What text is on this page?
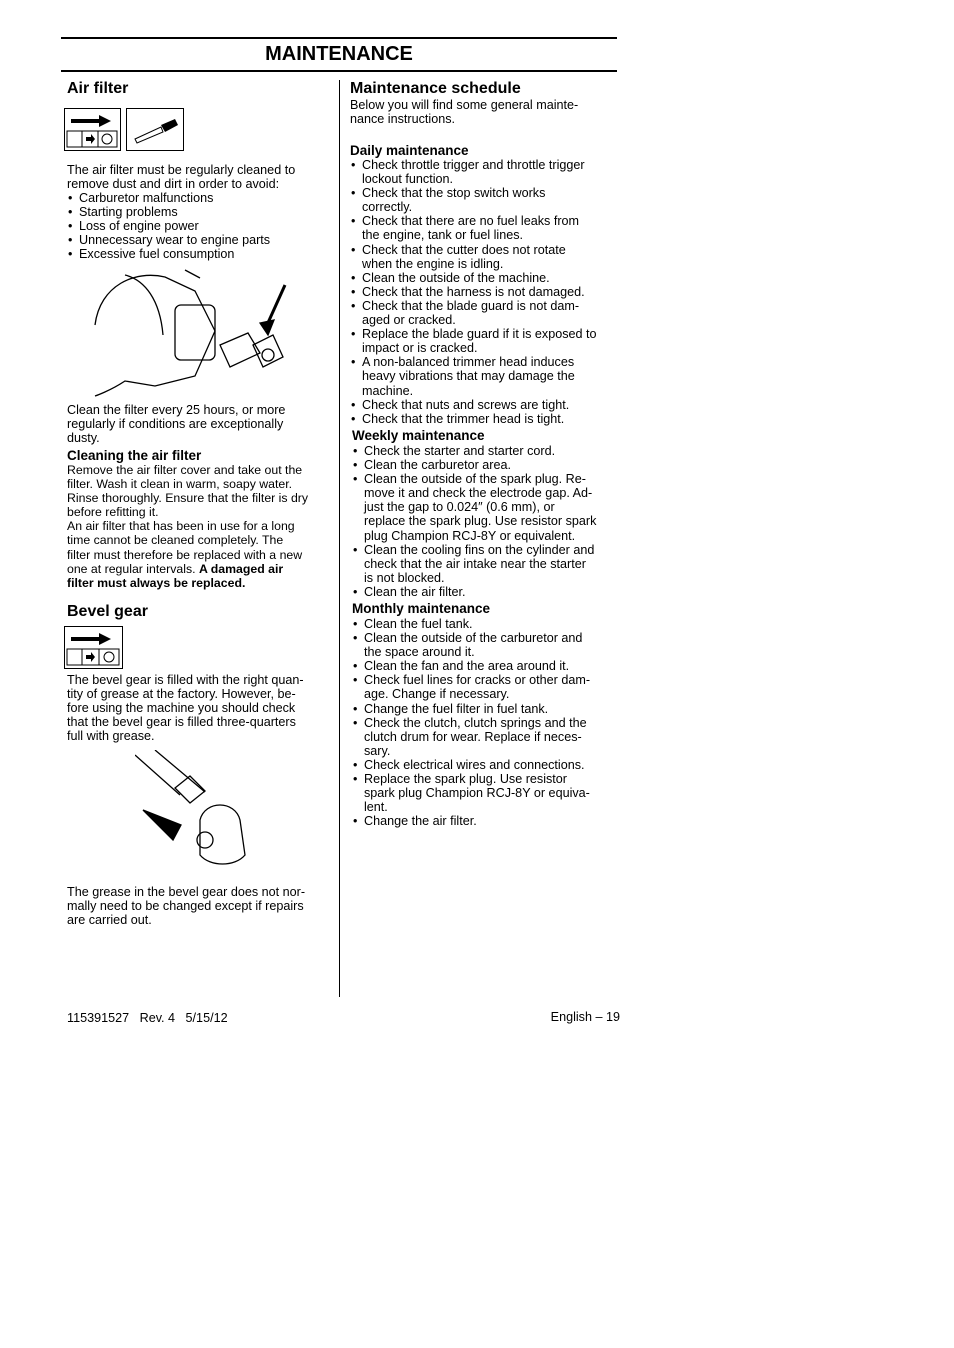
MAINTENANCE
Air filter

The air filter must be regularly cleaned to
remove dust and dirt in order to avoid:

• Carburetor malfunctions
• Starting problems
• Loss of engine power
• Unnecessary wear to engine parts
• Excessive fuel consumption

Clean the filter every 25 hours, or more
regularly if conditions are exceptionally
dusty.

Cleaning the air filter

Remove the air filter cover and take out the
filter. Wash it clean in warm, soapy water.
Rinse thoroughly. Ensure that the filter is dry
before refitting it.
An air filter that has been in use for a long
time cannot be cleaned completely. The
filter must therefore be replaced with a new
one at regular intervals. A damaged air
filter must always be replaced.
Bevel gear

The bevel gear is filled with the right quan-
tity of grease at the factory. However, be-
fore using the machine you should check
that the bevel gear is filled three-quarters
full with grease.

The grease in the bevel gear does not nor-
mally need to be changed except if repairs
are carried out.

Maintenance schedule

Below you will find some general mainte-
nance instructions.

Daily maintenance
• Check throttle trigger and throttle trigger
lockout function.
• Check that the stop switch works
correctly.
• Check that there are no fuel leaks from
the engine, tank or fuel lines.
• Check that the cutter does not rotate
when the engine is idling.
• Clean the outside of the machine.
• Check that the harness is not damaged.
• Check that the blade guard is not dam-
aged or cracked.
• Replace the blade guard if it is exposed to
impact or is cracked.
• A non-balanced trimmer head induces
heavy vibrations that may damage the
machine.
• Check that nuts and screws are tight.
• Check that the trimmer head is tight.
Weekly maintenance
• Check the starter and starter cord.
• Clean the carburetor area.
• Clean the outside of the spark plug. Re-
move it and check the electrode gap. Ad-
just the gap to 0.024″ (0.6 mm), or
replace the spark plug. Use resistor spark
plug Champion RCJ-8Y or equivalent.
• Clean the cooling fins on the cylinder and
check that the air intake near the starter
is not blocked.
• Clean the air filter.
Monthly maintenance
• Clean the fuel tank.
• Clean the outside of the carburetor and
the space around it.
• Clean the fan and the area around it.
• Check fuel lines for cracks or other dam-
age. Change if necessary.
• Change the fuel filter in fuel tank.
• Check the clutch, clutch springs and the
clutch drum for wear. Replace if neces-
sary.
• Check electrical wires and connections.
• Replace the spark plug. Use resistor
spark plug Champion RCJ-8Y or equiva-
lent.
• Change the air filter.

115391527   Rev. 4   5/15/12	English – 19
